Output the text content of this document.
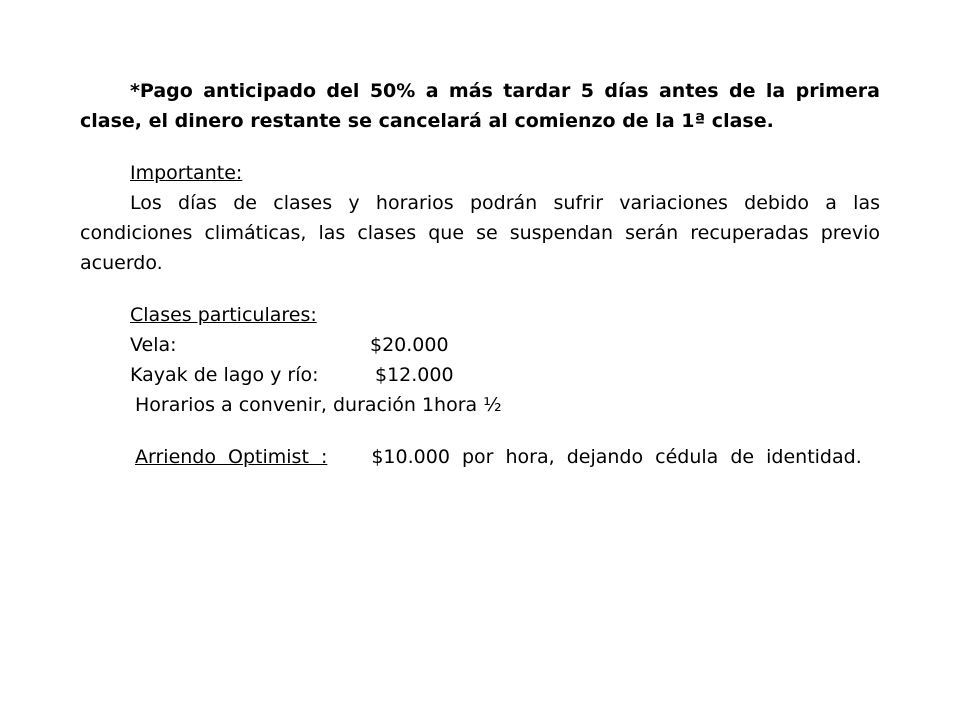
*Pago anticipado del 50% a más tardar 5 días antes de la primera clase, el dinero restante se cancelará al comienzo de la 1ª clase.

Importante:

Los días de clases y horarios podrán sufrir variaciones debido a las condiciones climáticas, las clases que se suspendan serán recuperadas previo acuerdo.

Clases particulares:
Vela:	$20.000
Kayak de lago y río:	$12.000
Horarios a convenir, duración 1hora ½

Arriendo Optimist : $10.000 por hora, dejando cédula de identidad.
